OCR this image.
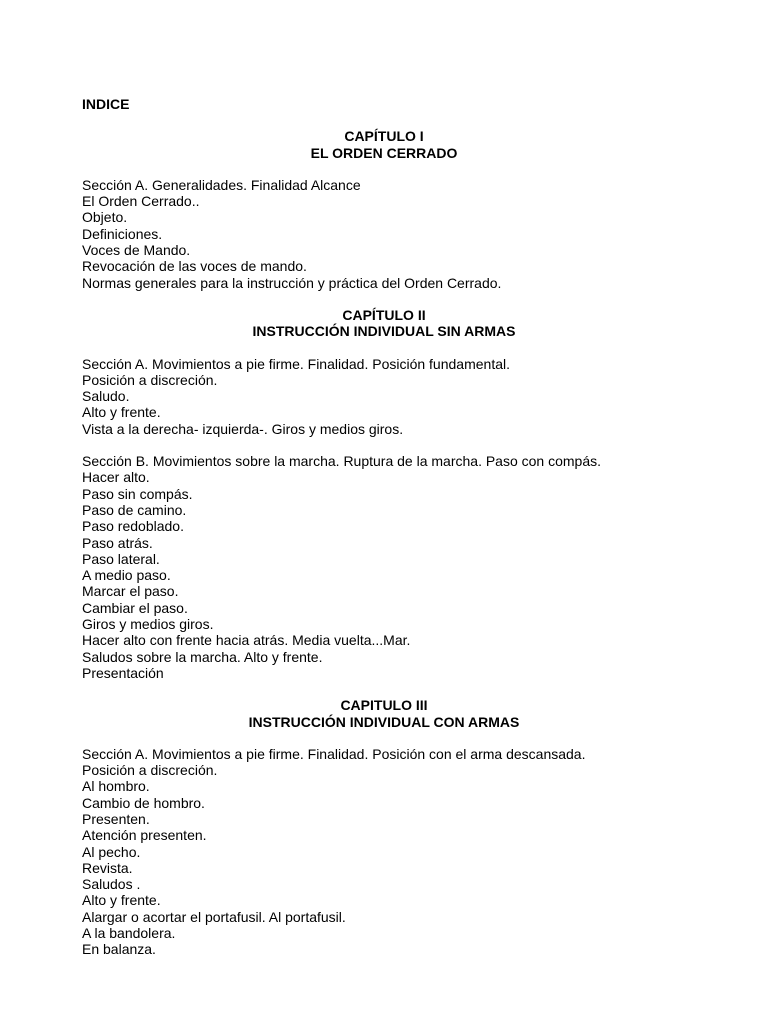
INDICE

CAPÍTULO I
EL ORDEN CERRADO
Sección A. Generalidades. Finalidad Alcance
El Orden Cerrado..
Objeto.
Definiciones.
Voces de Mando.
Revocación de las voces de mando.
Normas generales para la instrucción y práctica del Orden Cerrado.
CAPÍTULO II
INSTRUCCIÓN INDIVIDUAL SIN ARMAS
Sección A. Movimientos a pie firme. Finalidad. Posición fundamental.
Posición a discreción.
Saludo.
Alto y frente.
Vista a la derecha- izquierda-. Giros y medios giros.
Sección B. Movimientos sobre la marcha. Ruptura de la marcha. Paso con compás.
Hacer alto.
Paso sin compás.
Paso de camino.
Paso redoblado.
Paso atrás.
Paso lateral.
A medio paso.
Marcar el paso.
Cambiar el paso.
Giros y medios giros.
Hacer alto con frente hacia atrás. Media vuelta...Mar.
Saludos sobre la marcha. Alto y frente.
Presentación
CAPITULO III
INSTRUCCIÓN INDIVIDUAL CON ARMAS
Sección A. Movimientos a pie firme. Finalidad. Posición con el arma descansada.
Posición a discreción.
Al hombro.
Cambio de hombro.
Presenten.
Atención presenten.
Al pecho.
Revista.
Saludos .
Alto y frente.
Alargar o acortar el portafusil. Al portafusil.
A la bandolera.
En balanza.
